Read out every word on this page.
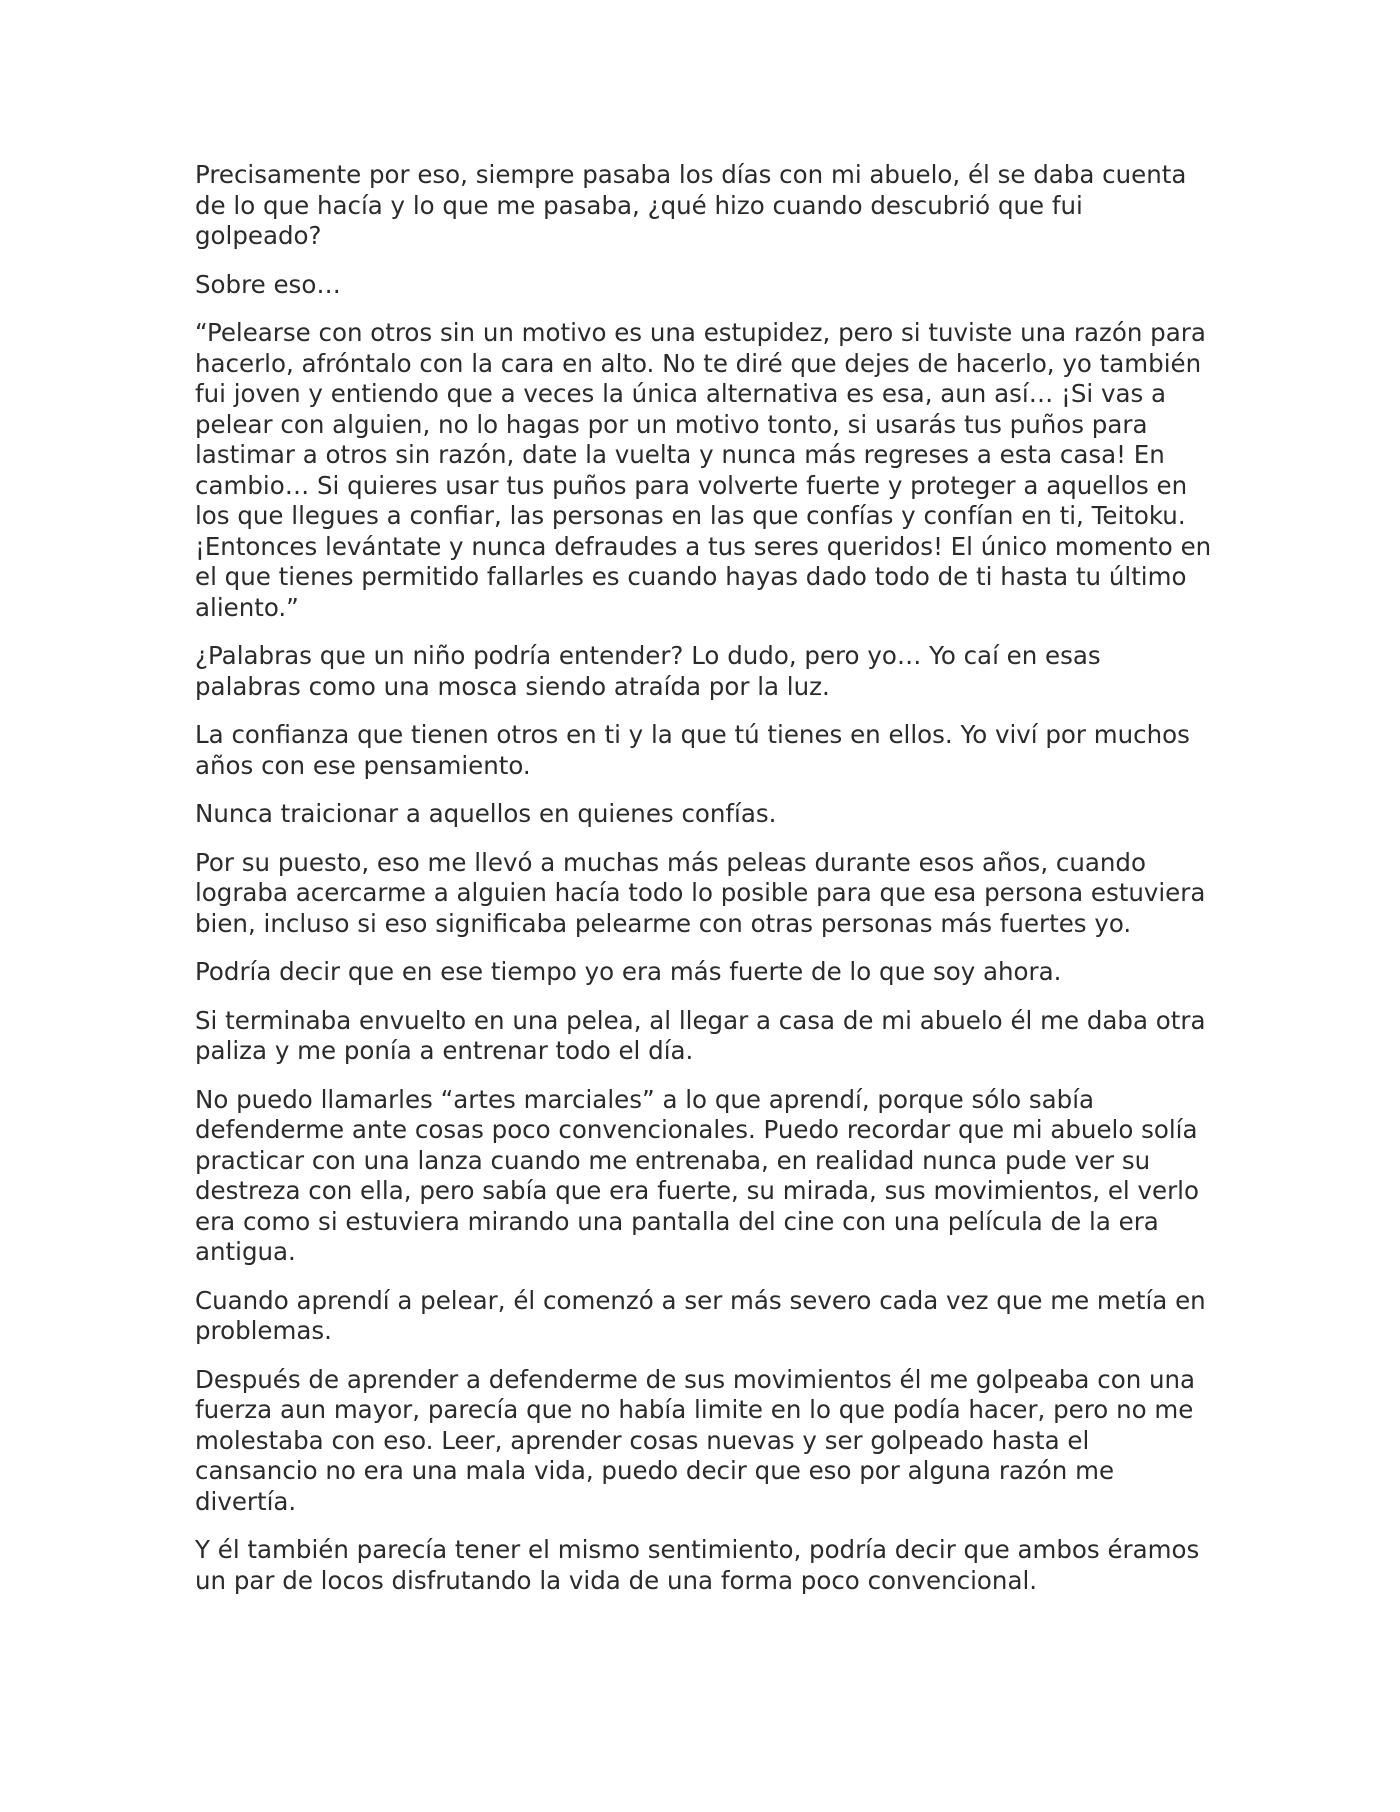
Precisamente por eso, siempre pasaba los días con mi abuelo, él se daba cuenta de lo que hacía y lo que me pasaba, ¿qué hizo cuando descubrió que fui golpeado?

Sobre eso…

“Pelearse con otros sin un motivo es una estupidez, pero si tuviste una razón para hacerlo, afróntalo con la cara en alto. No te diré que dejes de hacerlo, yo también fui joven y entiendo que a veces la única alternativa es esa, aun así… ¡Si vas a pelear con alguien, no lo hagas por un motivo tonto, si usarás tus puños para lastimar a otros sin razón, date la vuelta y nunca más regreses a esta casa! En cambio… Si quieres usar tus puños para volverte fuerte y proteger a aquellos en los que llegues a confiar, las personas en las que confías y confían en ti, Teitoku. ¡Entonces levántate y nunca defraudes a tus seres queridos! El único momento en el que tienes permitido fallarles es cuando hayas dado todo de ti hasta tu último aliento.”

¿Palabras que un niño podría entender? Lo dudo, pero yo… Yo caí en esas palabras como una mosca siendo atraída por la luz.

La confianza que tienen otros en ti y la que tú tienes en ellos. Yo viví por muchos años con ese pensamiento.

Nunca traicionar a aquellos en quienes confías.

Por su puesto, eso me llevó a muchas más peleas durante esos años, cuando lograba acercarme a alguien hacía todo lo posible para que esa persona estuviera bien, incluso si eso significaba pelearme con otras personas más fuertes yo.

Podría decir que en ese tiempo yo era más fuerte de lo que soy ahora.

Si terminaba envuelto en una pelea, al llegar a casa de mi abuelo él me daba otra paliza y me ponía a entrenar todo el día.

No puedo llamarles “artes marciales” a lo que aprendí, porque sólo sabía defenderme ante cosas poco convencionales. Puedo recordar que mi abuelo solía practicar con una lanza cuando me entrenaba, en realidad nunca pude ver su destreza con ella, pero sabía que era fuerte, su mirada, sus movimientos, el verlo era como si estuviera mirando una pantalla del cine con una película de la era antigua.

Cuando aprendí a pelear, él comenzó a ser más severo cada vez que me metía en problemas.

Después de aprender a defenderme de sus movimientos él me golpeaba con una fuerza aun mayor, parecía que no había limite en lo que podía hacer, pero no me molestaba con eso. Leer, aprender cosas nuevas y ser golpeado hasta el cansancio no era una mala vida, puedo decir que eso por alguna razón me divertía.

Y él también parecía tener el mismo sentimiento, podría decir que ambos éramos un par de locos disfrutando la vida de una forma poco convencional.
